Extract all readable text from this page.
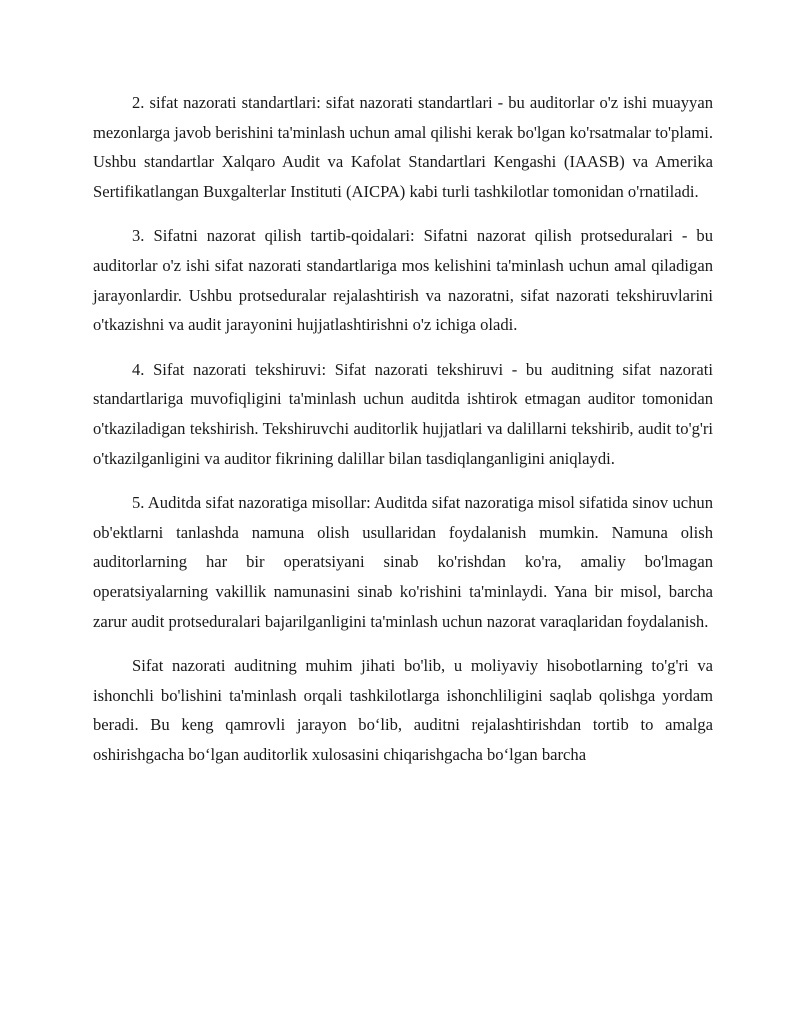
2. sifat nazorati standartlari: sifat nazorati standartlari - bu auditorlar o'z ishi muayyan mezonlarga javob berishini ta'minlash uchun amal qilishi kerak bo'lgan ko'rsatmalar to'plami. Ushbu standartlar Xalqaro Audit va Kafolat Standartlari Kengashi (IAASB) va Amerika Sertifikatlangan Buxgalterlar Instituti (AICPA) kabi turli tashkilotlar tomonidan o'rnatiladi.

3. Sifatni nazorat qilish tartib-qoidalari: Sifatni nazorat qilish protseduralari - bu auditorlar o'z ishi sifat nazorati standartlariga mos kelishini ta'minlash uchun amal qiladigan jarayonlardir. Ushbu protseduralar rejalashtirish va nazoratni, sifat nazorati tekshiruvlarini o'tkazishni va audit jarayonini hujjatlashtirishni o'z ichiga oladi.

4. Sifat nazorati tekshiruvi: Sifat nazorati tekshiruvi - bu auditning sifat nazorati standartlariga muvofiqligini ta'minlash uchun auditda ishtirok etmagan auditor tomonidan o'tkaziladigan tekshirish. Tekshiruvchi auditorlik hujjatlari va dalillarni tekshirib, audit to'g'ri o'tkazilganligini va auditor fikrining dalillar bilan tasdiqlanganligini aniqlaydi.

5. Auditda sifat nazoratiga misollar: Auditda sifat nazoratiga misol sifatida sinov uchun ob'ektlarni tanlashda namuna olish usullaridan foydalanish mumkin. Namuna olish auditorlarning har bir operatsiyani sinab ko'rishdan ko'ra, amaliy bo'lmagan operatsiyalarning vakillik namunasini sinab ko'rishini ta'minlaydi. Yana bir misol, barcha zarur audit protseduralari bajarilganligini ta'minlash uchun nazorat varaqlaridan foydalanish.

Sifat nazorati auditning muhim jihati bo'lib, u moliyaviy hisobotlarning to'g'ri va ishonchli bo'lishini ta'minlash orqali tashkilotlarga ishonchliligini saqlab qolishga yordam beradi. Bu keng qamrovli jarayon bo‘lib, auditni rejalashtirishdan tortib to amalga oshirishgacha bo‘lgan auditorlik xulosasini chiqarishgacha bo‘lgan barcha
